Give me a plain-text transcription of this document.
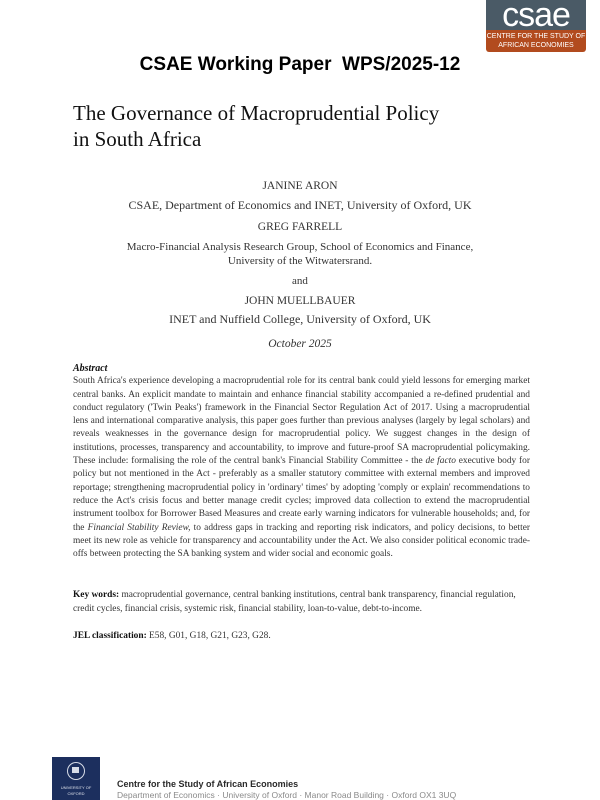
csae
CENTRE FOR THE STUDY OF
AFRICAN ECONOMIES
CSAE Working Paper  WPS/2025-12
The Governance of Macroprudential Policy
in South Africa
JANINE ARON
CSAE, Department of Economics and INET, University of Oxford, UK
GREG FARRELL
Macro-Financial Analysis Research Group, School of Economics and Finance,
University of the Witwatersrand.
and
JOHN MUELLBAUER
INET and Nuffield College, University of Oxford, UK
October 2025
Abstract
South Africa's experience developing a macroprudential role for its central bank could yield lessons for emerging market central banks. An explicit mandate to maintain and enhance financial stability accompanied a re-defined prudential and conduct regulatory ('Twin Peaks') framework in the Financial Sector Regulation Act of 2017. Using a macroprudential lens and international comparative analysis, this paper goes further than previous analyses (largely by legal scholars) and reveals weaknesses in the governance design for macroprudential policy. We suggest changes in the design of institutions, processes, transparency and accountability, to improve and future-proof SA macroprudential policymaking. These include: formalising the role of the central bank's Financial Stability Committee - the de facto executive body for policy but not mentioned in the Act - preferably as a smaller statutory committee with external members and improved reportage; strengthening macroprudential policy in 'ordinary' times' by adopting 'comply or explain' recommendations to reduce the Act's crisis focus and better manage credit cycles; improved data collection to extend the macroprudential instrument toolbox for Borrower Based Measures and create early warning indicators for vulnerable households; and, for the Financial Stability Review, to address gaps in tracking and reporting risk indicators, and policy decisions, to better meet its new role as vehicle for transparency and accountability under the Act. We also consider political economic trade-offs between protecting the SA banking system and wider social and economic goals.
Key words: macroprudential governance, central banking institutions, central bank transparency, financial regulation, credit cycles, financial crisis, systemic risk, financial stability, loan-to-value, debt-to-income.
JEL classification: E58, G01, G18, G21, G23, G28.
UNIVERSITY OF
OXFORD
Centre for the Study of African Economies
Department of Economics · University of Oxford · Manor Road Building · Oxford OX1 3UQ
